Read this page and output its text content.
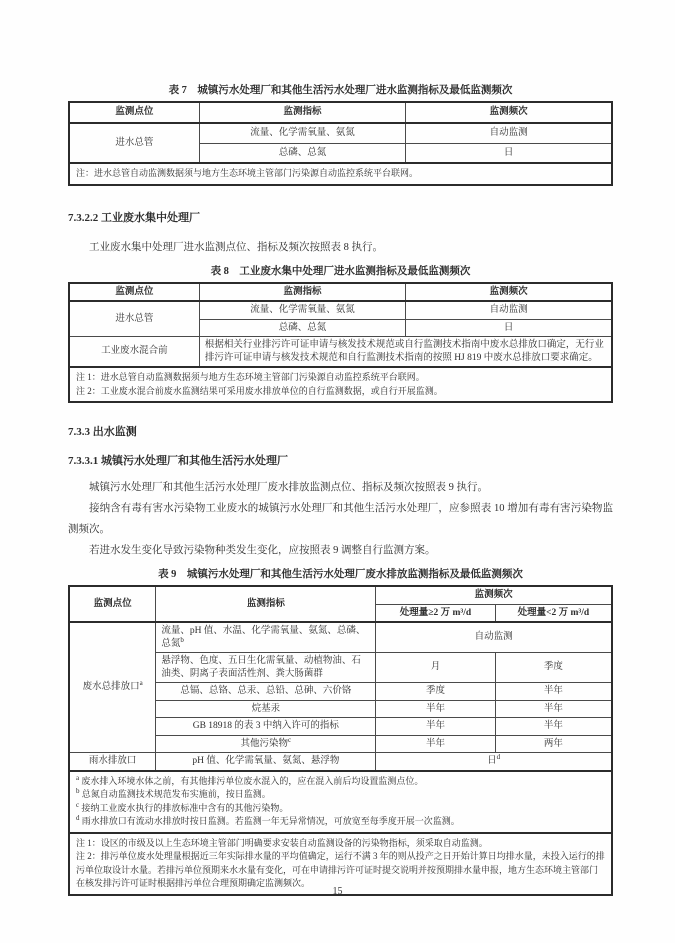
表 7　城镇污水处理厂和其他生活污水处理厂进水监测指标及最低监测频次
监测点位	监测指标	监测频次
进水总管	流量、化学需氧量、氨氮	自动监测
	总磷、总氮	日
注：进水总管自动监测数据须与地方生态环境主管部门污染源自动监控系统平台联网。		
7.3.2.2 工业废水集中处理厂

工业废水集中处理厂进水监测点位、指标及频次按照表 8 执行。

表 8　工业废水集中处理厂进水监测指标及最低监测频次
监测点位	监测指标	监测频次
进水总管	流量、化学需氧量、氨氮	自动监测
	总磷、总氮	日
工业废水混合前	根据相关行业排污许可证申请与核发技术规范或自行监测技术指南中废水总排放口确定，无行业排污许可证申请与核发技术规范和自行监测技术指南的按照 HJ 819 中废水总排放口要求确定。	

注 1：进水总管自动监测数据须与地方生态环境主管部门污染源自动监控系统平台联网。

注 2：工业废水混合前废水监测结果可采用废水排放单位的自行监测数据，或自行开展监测。		

7.3.3 出水监测
7.3.3.1 城镇污水处理厂和其他生活污水处理厂

城镇污水处理厂和其他生活污水处理厂废水排放监测点位、指标及频次按照表 9 执行。

接纳含有毒有害水污染物工业废水的城镇污水处理厂和其他生活污水处理厂，应参照表 10 增加有毒有害污染物监测频次。

若进水发生变化导致污染物种类发生变化，应按照表 9 调整自行监测方案。

表 9　城镇污水处理厂和其他生活污水处理厂废水排放监测指标及最低监测频次
监测点位	监测指标	监测频次	
		处理量≥2 万 m³/d	处理量<2 万 m³/d
废水总排放口$^a$	流量、pH 值、水温、化学需氧量、氨氮、总磷、总氮$^b$	自动监测	
	悬浮物、色度、五日生化需氧量、动植物油、石油类、阴离子表面活性剂、粪大肠菌群	月	季度
	总镉、总铬、总汞、总铅、总砷、六价铬	季度	半年
	烷基汞	半年	半年
	GB 18918 的表 3 中纳入许可的指标	半年	半年
	其他污染物$^c$	半年	两年
雨水排放口	pH 值、化学需氧量、氨氮、悬浮物	日$^d$

$^a$ 废水排入环境水体之前，有其他排污单位废水混入的，应在混入前后均设置监测点位。

$^b$ 总氮自动监测技术规范发布实施前，按日监测。

$^c$ 接纳工业废水执行的排放标准中含有的其他污染物。

$^d$ 雨水排放口有流动水排放时按日监测。若监测一年无异常情况，可放宽至每季度开展一次监测。			

注 1：设区的市级及以上生态环境主管部门明确要求安装自动监测设备的污染物指标，须采取自动监测。

注 2：排污单位废水处理量根据近三年实际排水量的平均值确定，运行不满 3 年的则从投产之日开始计算日均排水量，未投入运行的排污单位取设计水量。若排污单位预期来水水量有变化，可在申请排污许可证时提交说明并按预期排水量申报，地方生态环境主管部门在核发排污许可证时根据排污单位合理预期确定监测频次。			

15
